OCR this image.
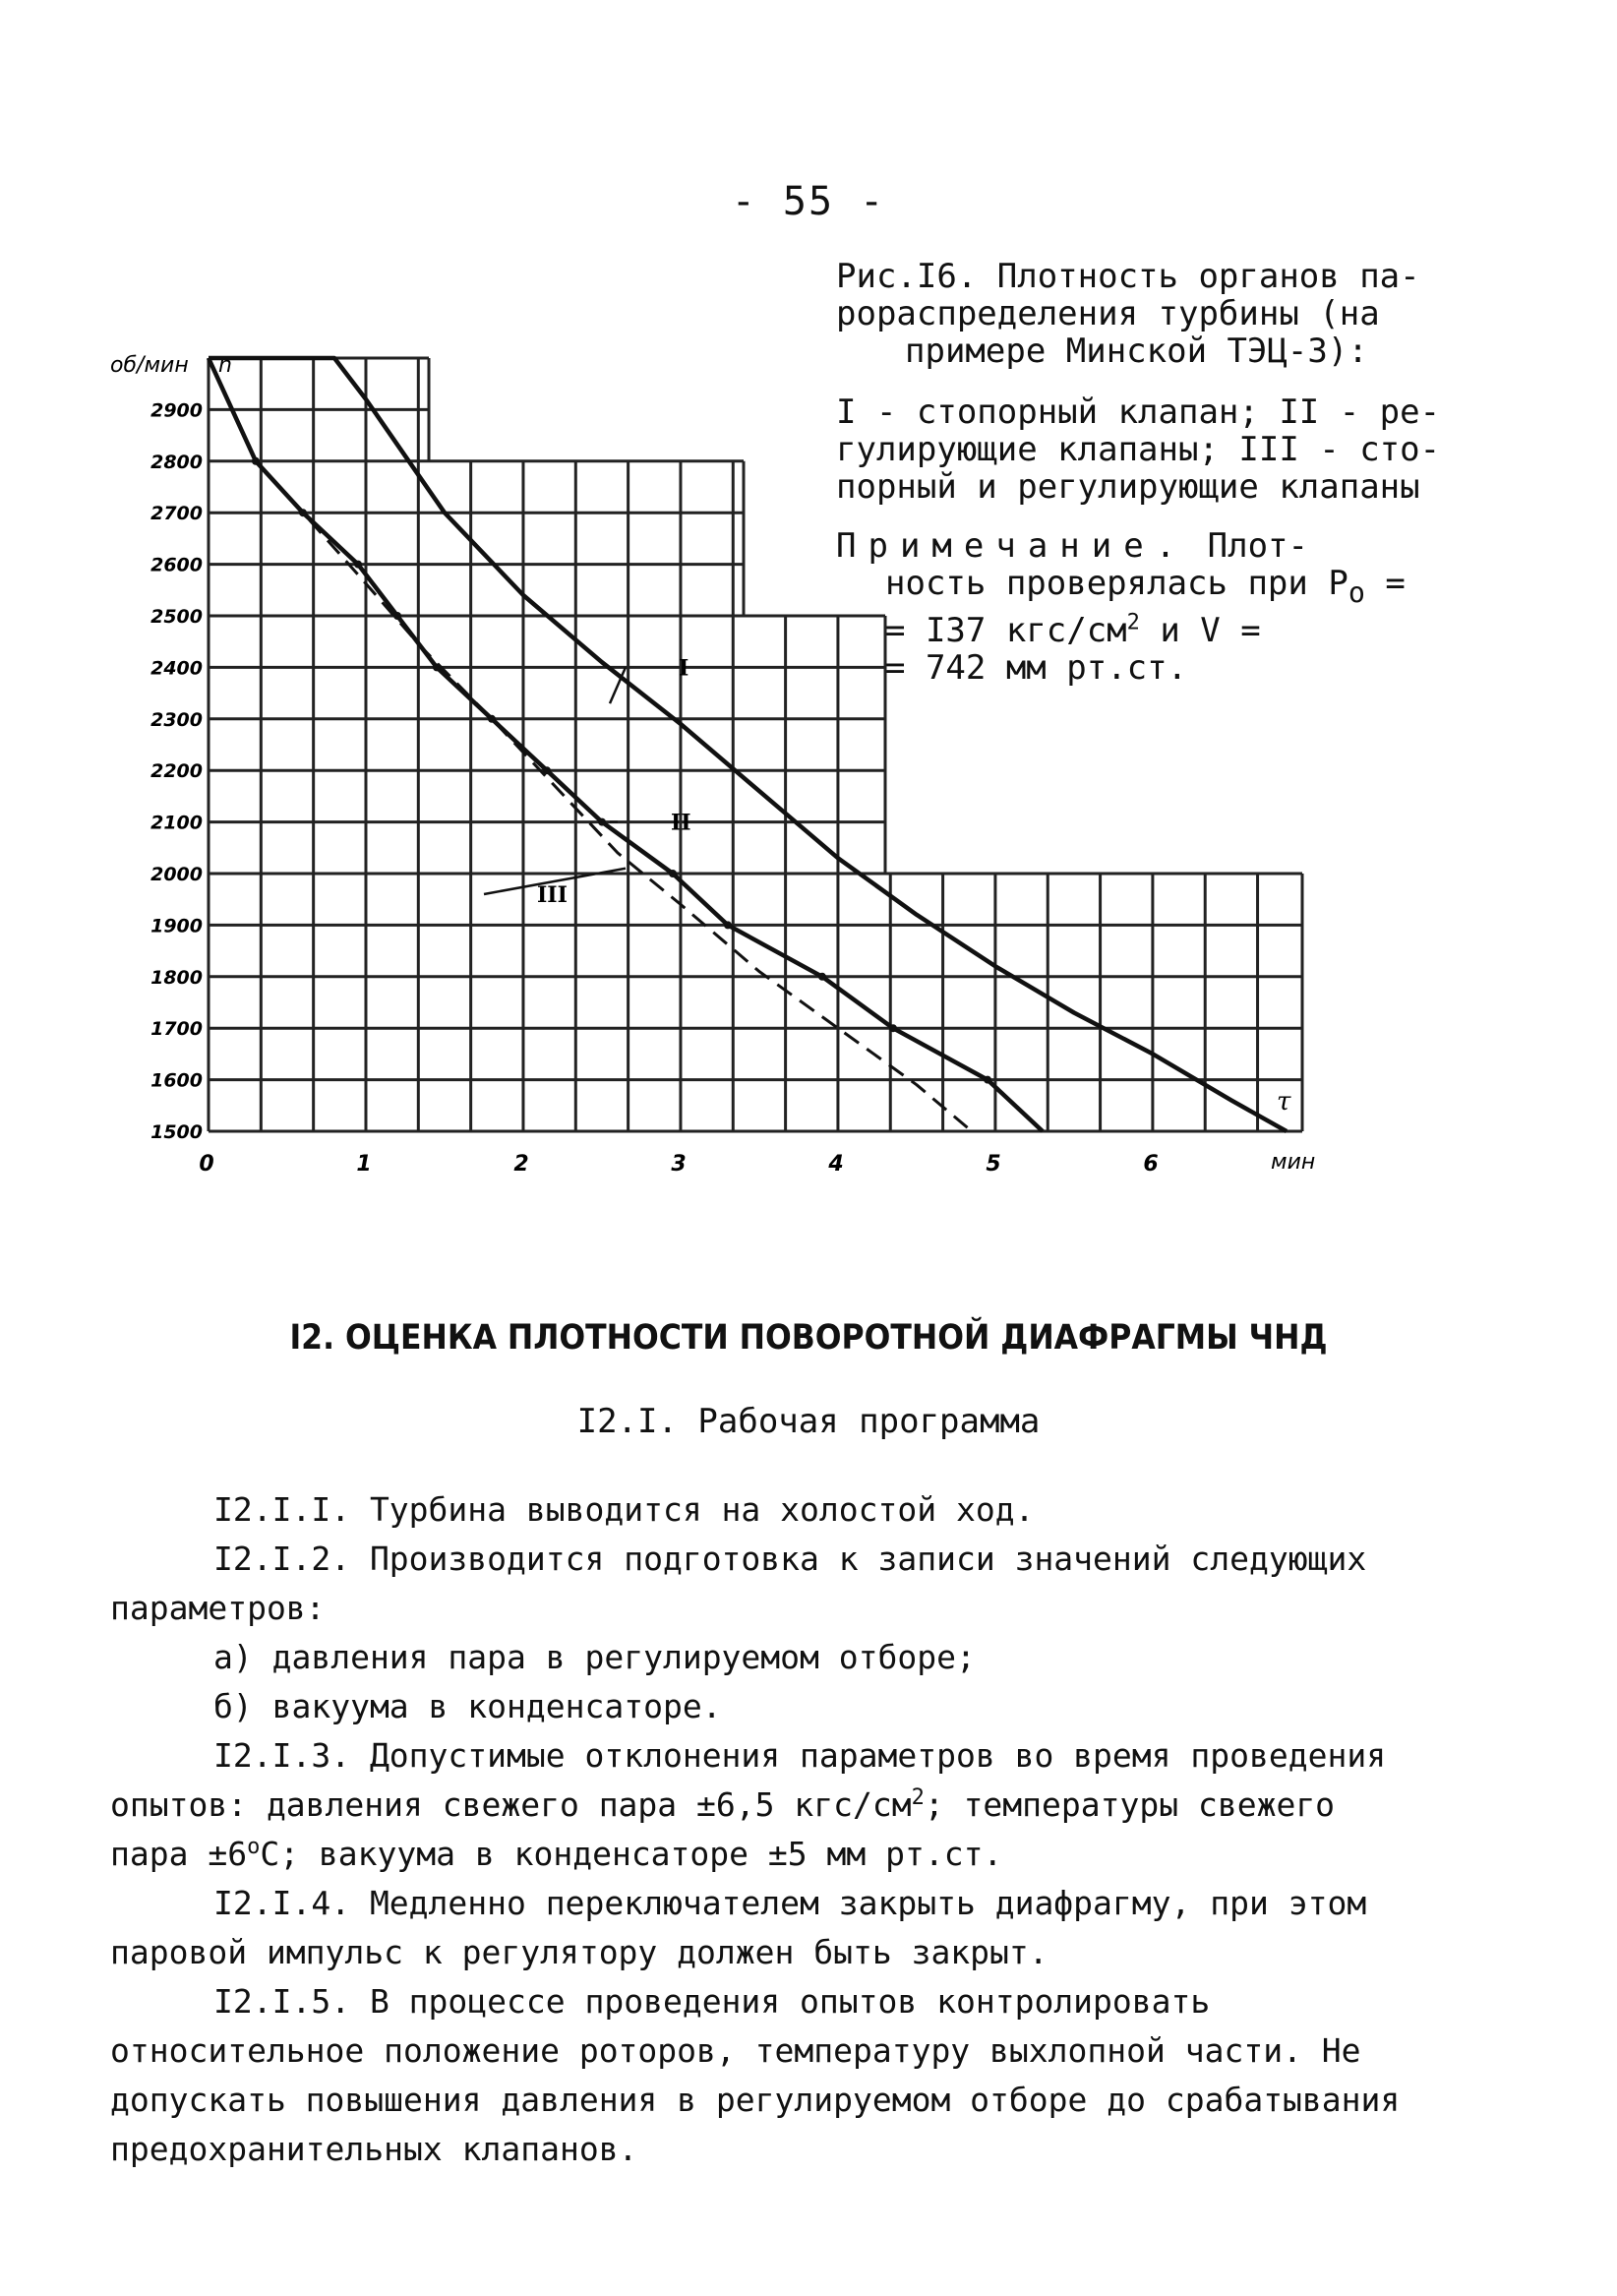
- 55 -

Рис.I6. Плотность органов па-
рораспределения турбины (на
примере Минской ТЭЦ-3):

I - стопорный клапан; II - ре-
гулирующие клапаны; III - сто-
порный и регулирующие клапаны

Примечание. Плот-
ность проверялась при $P_o$ =
= I37 кгс/$см^2$ и V =
= 742 мм рт.ст.

I
II
III
1500
1600
1700
1800
1900
2000
2100
2200
2300
2400
2500
2600
2700
2800
2900
0	1	2	3	4	5	6
об/мин n
мин
τ
I2. ОЦЕНКА ПЛОТНОСТИ ПОВОРОТНОЙ ДИАФРАГМЫ ЧНД
I2.I. Рабочая программа

I2.I.I. Турбина выводится на холостой ход.

I2.I.2. Производится подготовка к записи значений следующих параметров:

а) давления пара в регулируемом отборе;

б) вакуума в конденсаторе.

I2.I.3. Допустимые отклонения параметров во время проведения опытов: давления свежего пара ±6,5 кгс/$см^2$; температуры свежего пара $\pm 6^оС$; вакуума в конденсаторе ±5 мм рт.ст.

I2.I.4. Медленно переключателем закрыть диафрагму, при этом паровой импульс к регулятору должен быть закрыт.

I2.I.5. В процессе проведения опытов контролировать относительное положение роторов, температуру выхлопной части. Не допускать повышения давления в регулируемом отборе до срабатывания предохранительных клапанов.
